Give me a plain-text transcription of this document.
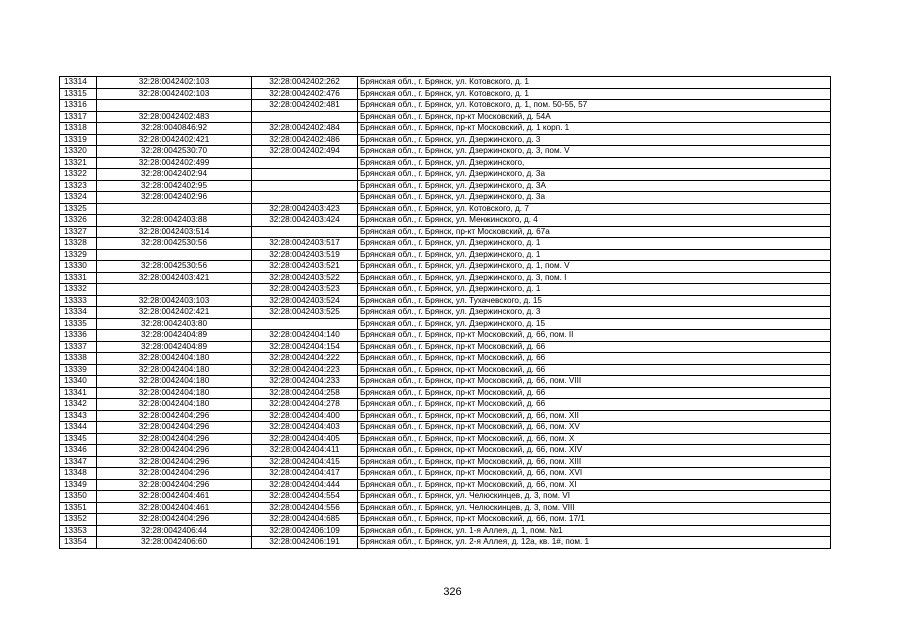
13314	32:28:0042402:103	32:28:0042402:262	Брянская обл., г. Брянск, ул. Котовского, д. 1
13315	32:28:0042402:103	32:28:0042402:476	Брянская обл., г. Брянск, ул. Котовского, д. 1
13316		32:28:0042402:481	Брянская обл., г. Брянск, ул. Котовского, д. 1, пом. 50-55, 57
13317	32:28:0042402:483		Брянская обл., г. Брянск, пр-кт Московский, д. 54А
13318	32:28:0040846:92	32:28:0042402:484	Брянская обл., г. Брянск, пр-кт Московский, д. 1 корп. 1
13319	32:28:0042402:421	32:28:0042402:486	Брянская обл., г. Брянск, ул. Дзержинского, д. 3
13320	32:28:0042530:70	32:28:0042402:494	Брянская обл., г. Брянск, ул. Дзержинского, д. 3, пом. V
13321	32:28:0042402:499		Брянская обл., г. Брянск, ул. Дзержинского,
13322	32:28:0042402:94		Брянская обл., г. Брянск, ул. Дзержинского, д. 3а
13323	32:28:0042402:95		Брянская обл., г. Брянск, ул. Дзержинского, д. 3А
13324	32:28:0042402:96		Брянская обл., г. Брянск, ул. Дзержинского, д. 3а
13325		32:28:0042403:423	Брянская обл., г. Брянск, ул. Котовского, д. 7
13326	32:28:0042403:88	32:28:0042403:424	Брянская обл., г. Брянск, ул. Менжинского, д. 4
13327	32:28:0042403:514		Брянская обл., г. Брянск, пр-кт Московский, д. 67а
13328	32:28:0042530:56	32:28:0042403:517	Брянская обл., г. Брянск, ул. Дзержинского, д. 1
13329		32:28:0042403:519	Брянская обл., г. Брянск, ул. Дзержинского, д. 1
13330	32:28:0042530:56	32:28:0042403:521	Брянская обл., г. Брянск, ул. Дзержинского, д. 1, пом. V
13331	32:28:0042403:421	32:28:0042403:522	Брянская обл., г. Брянск, ул. Дзержинского, д. 3, пом. I
13332		32:28:0042403:523	Брянская обл., г. Брянск, ул. Дзержинского, д. 1
13333	32:28:0042403:103	32:28:0042403:524	Брянская обл., г. Брянск, ул. Тухачевского, д. 15
13334	32:28:0042402:421	32:28:0042403:525	Брянская обл., г. Брянск, ул. Дзержинского, д. 3
13335	32:28:0042403:80		Брянская обл., г. Брянск, ул. Дзержинского, д. 15
13336	32:28:0042404:89	32:28:0042404:140	Брянская обл., г. Брянск, пр-кт Московский, д. 66, пом. II
13337	32:28:0042404:89	32:28:0042404:154	Брянская обл., г. Брянск, пр-кт Московский, д. 66
13338	32:28:0042404:180	32:28:0042404:222	Брянская обл., г. Брянск, пр-кт Московский, д. 66
13339	32:28:0042404:180	32:28:0042404:223	Брянская обл., г. Брянск, пр-кт Московский, д. 66
13340	32:28:0042404:180	32:28:0042404:233	Брянская обл., г. Брянск, пр-кт Московский, д. 66, пом. VIII
13341	32:28:0042404:180	32:28:0042404:258	Брянская обл., г. Брянск, пр-кт Московский, д. 66
13342	32:28:0042404:180	32:28:0042404:278	Брянская обл., г. Брянск, пр-кт Московский, д. 66
13343	32:28:0042404:296	32:28:0042404:400	Брянская обл., г. Брянск, пр-кт Московский, д. 66, пом. XII
13344	32:28:0042404:296	32:28:0042404:403	Брянская обл., г. Брянск, пр-кт Московский, д. 66, пом. XV
13345	32:28:0042404:296	32:28:0042404:405	Брянская обл., г. Брянск, пр-кт Московский, д. 66, пом. X
13346	32:28:0042404:296	32:28:0042404:411	Брянская обл., г. Брянск, пр-кт Московский, д. 66, пом. XIV
13347	32:28:0042404:296	32:28:0042404:415	Брянская обл., г. Брянск, пр-кт Московский, д. 66, пом. XIII
13348	32:28:0042404:296	32:28:0042404:417	Брянская обл., г. Брянск, пр-кт Московский, д. 66, пом. XVI
13349	32:28:0042404:296	32:28:0042404:444	Брянская обл., г. Брянск, пр-кт Московский, д. 66, пом. XI
13350	32:28:0042404:461	32:28:0042404:554	Брянская обл., г. Брянск, ул. Челюскинцев, д. 3, пом. VI
13351	32:28:0042404:461	32:28:0042404:556	Брянская обл., г. Брянск, ул. Челюскинцев, д. 3, пом. VIII
13352	32:28:0042404:296	32:28:0042404:685	Брянская обл., г. Брянск, пр-кт Московский, д. 66, пом. 17/1
13353	32:28:0042406:44	32:28:0042406:109	Брянская обл., г. Брянск, ул. 1-я Аллея, д. 1, пом. №1
13354	32:28:0042406:60	32:28:0042406:191	Брянская обл., г. Брянск, ул. 2-я Аллея, д. 12а, кв. 1#, пом. 1
326
